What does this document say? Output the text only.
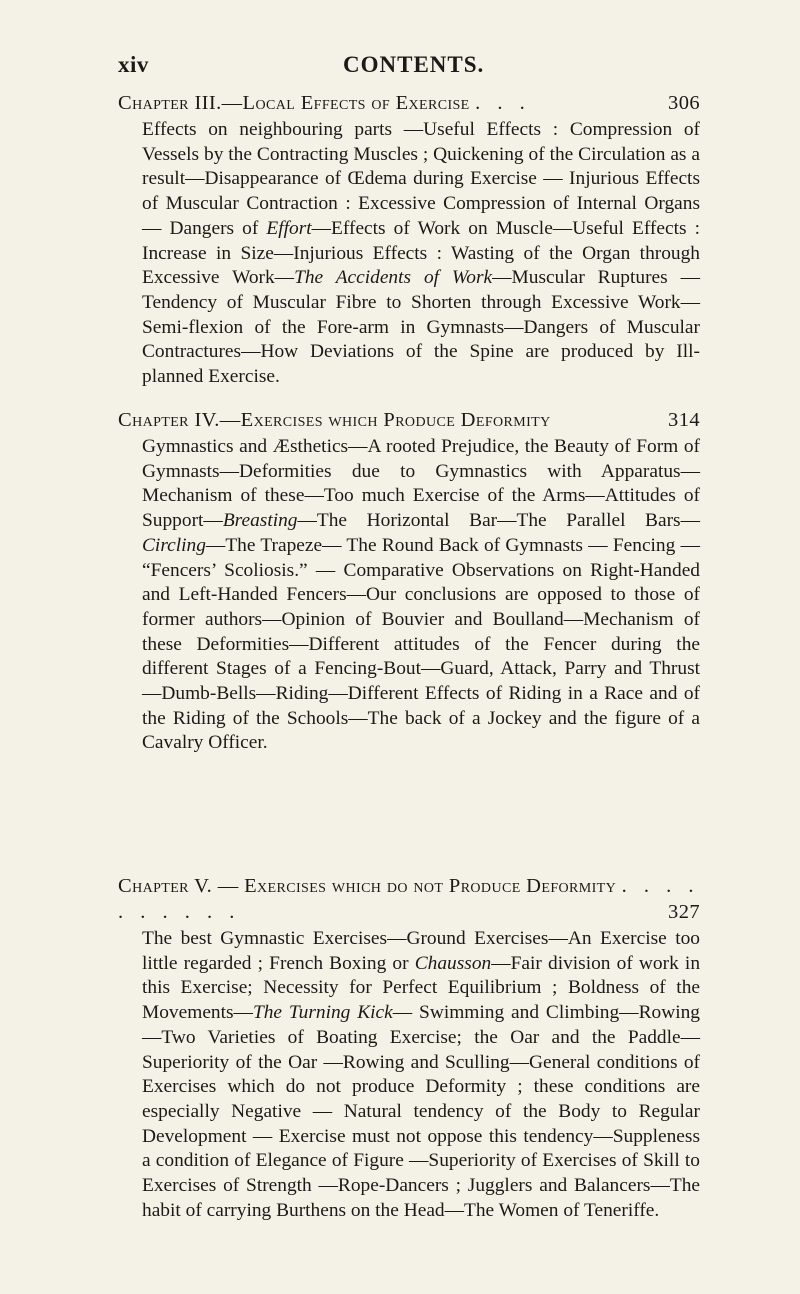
xiv	CONTENTS.
Chapter III.—Local Effects of Exercise . . .	306

Effects on neighbouring parts —Useful Effects : Compression of Vessels by the Contracting Muscles ; Quickening of the Circulation as a result—Disappearance of Œdema during Exercise — Injurious Effects of Muscular Contraction : Excessive Compression of Internal Organs — Dangers of Effort—Effects of Work on Muscle—Useful Effects : Increase in Size—Injurious Effects : Wasting of the Organ through Excessive Work—The Accidents of Work—Muscular Ruptures —Tendency of Muscular Fibre to Shorten through Excessive Work—Semi-flexion of the Fore-arm in Gymnasts—Dangers of Muscular Contractures—How Deviations of the Spine are produced by Ill-planned Exercise.

Chapter IV.—Exercises which Produce Deformity	314

Gymnastics and Æsthetics—A rooted Prejudice, the Beauty of Form of Gymnasts—Deformities due to Gymnastics with Apparatus—Mechanism of these—Too much Exercise of the Arms—Attitudes of Support—Breasting—The Horizontal Bar—The Parallel Bars—Circling—The Trapeze— The Round Back of Gymnasts — Fencing — “Fencers’ Scoliosis.” — Comparative Observations on Right-Handed and Left-Handed Fencers—Our conclusions are opposed to those of former authors—Opinion of Bouvier and Boulland—Mechanism of these Deformities—Different attitudes of the Fencer during the different Stages of a Fencing-Bout—Guard, Attack, Parry and Thrust —Dumb-Bells—Riding—Different Effects of Riding in a Race and of the Riding of the Schools—The back of a Jockey and the figure of a Cavalry Officer.

Chapter V. — Exercises which do not Produce Deformity . . . . . . . . . .	327

The best Gymnastic Exercises—Ground Exercises—An Exercise too little regarded ; French Boxing or Chausson—Fair division of work in this Exercise; Necessity for Perfect Equilibrium ; Boldness of the Movements—The Turning Kick— Swimming and Climbing—Rowing—Two Varieties of Boating Exercise; the Oar and the Paddle—Superiority of the Oar —Rowing and Sculling—General conditions of Exercises which do not produce Deformity ; these conditions are especially Negative — Natural tendency of the Body to Regular Development — Exercise must not oppose this tendency—Suppleness a condition of Elegance of Figure —Superiority of Exercises of Skill to Exercises of Strength —Rope-Dancers ; Jugglers and Balancers—The habit of carrying Burthens on the Head—The Women of Teneriffe.
